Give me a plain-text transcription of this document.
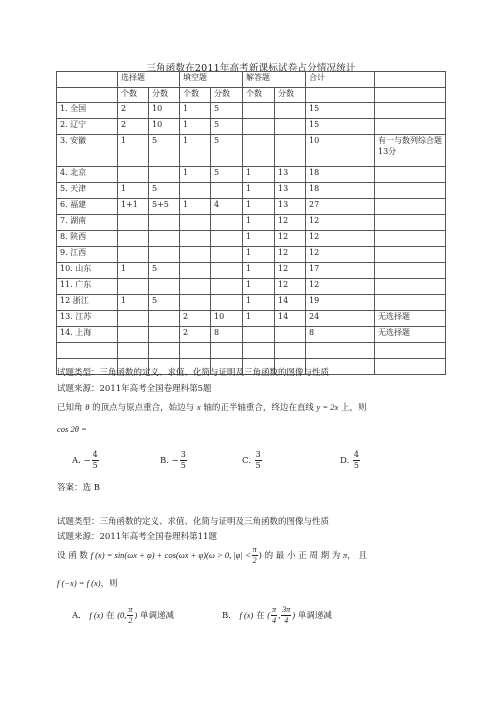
三角函数在2011年高考新课标试卷占分情况统计
	选择题		填空题		解答题		合计	
	个数	分数	个数	分数	个数	分数		
1. 全国	2	10	1	5			15	
2. 辽宁	2	10	1	5			15	
3. 安徽	1	5	1	5			10	有一与数列综合题13分
4. 北京			1	5	1	13	18	
5. 天津	1	5			1	13	18	
6. 福建	1+1	5+5	1	4	1	13	27	
7. 湖南					1	12	12	
8. 陕西					1	12	12	
9. 江西					1	12	12	
10. 山东	1	5			1	12	17	
11. 广东					1	12	12	
12 浙江	1	5			1	14	19	
13. 江苏			2	10	1	14	24	无选择题
14. 上海			2	8			8	无选择题

试题类型：三角函数的定义、求值、化简与证明及三角函数的图像与性质
试题来源：2011年高考全国卷理科第5题
已知角 θ 的顶点与原点重合，始边与 x 轴的正半轴重合，终边在直线 y = 2x 上，则
cos 2θ =
A. − $\frac{4}{5}$	B. − $\frac{3}{5}$	C. $\frac{3}{5}$	D. $\frac{4}{5}$
答案：选 B
试题类型：三角函数的定义、求值、化简与证明及三角函数的图像与性质
试题来源：2011年高考全国卷理科第11题
设 函 数 f (x) = sin(ωx + φ) + cos(ωx + φ)(ω > 0, $|\varphi| < \frac{\pi}{2}$ ) 的 最 小 正 周 期 为 π， 且
f (−x) = f (x)，则
A． f (x) 在 (0, $\frac{\pi}{2}$ ) 单调递减	B． f (x) 在 ( $\frac{\pi}{4}$ , $\frac{3\pi}{4}$ ) 单调递减
